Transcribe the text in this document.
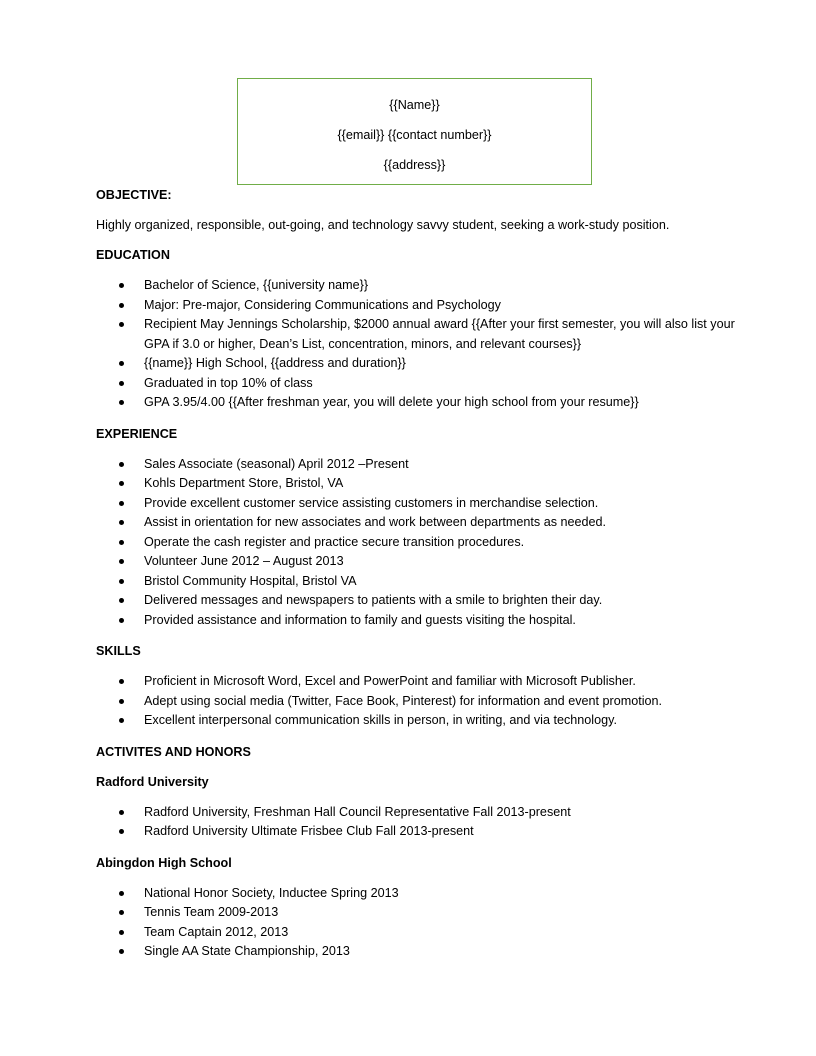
{{Name}}
{{email}} {{contact number}}
{{address}}

OBJECTIVE:

Highly organized, responsible, out-going, and technology savvy student, seeking a work-study position.

EDUCATION

Bachelor of Science, {{university name}}
Major: Pre-major, Considering Communications and Psychology
Recipient May Jennings Scholarship, $2000 annual award {{After your first semester, you will also list your GPA if 3.0 or higher, Dean’s List, concentration, minors, and relevant courses}}
{{name}} High School, {{address and duration}}
Graduated in top 10% of class
GPA 3.95/4.00 {{After freshman year, you will delete your high school from your resume}}

EXPERIENCE

Sales Associate (seasonal) April 2012 –Present
Kohls Department Store, Bristol, VA
Provide excellent customer service assisting customers in merchandise selection.
Assist in orientation for new associates and work between departments as needed.
Operate the cash register and practice secure transition procedures.
Volunteer June 2012 – August 2013
Bristol Community Hospital, Bristol VA
Delivered messages and newspapers to patients with a smile to brighten their day.
Provided assistance and information to family and guests visiting the hospital.

SKILLS

Proficient in Microsoft Word, Excel and PowerPoint and familiar with Microsoft Publisher.
Adept using social media (Twitter, Face Book, Pinterest) for information and event promotion.
Excellent interpersonal communication skills in person, in writing, and via technology.

ACTIVITES AND HONORS

Radford University

Radford University, Freshman Hall Council Representative Fall 2013-present
Radford University Ultimate Frisbee Club Fall 2013-present

Abingdon High School

National Honor Society, Inductee Spring 2013
Tennis Team 2009-2013
Team Captain 2012, 2013
Single AA State Championship, 2013
